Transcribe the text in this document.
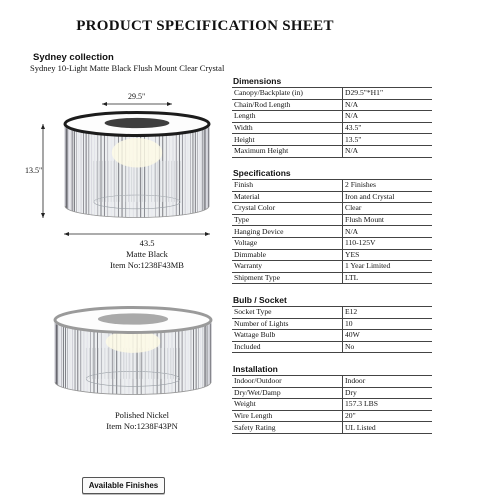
PRODUCT SPECIFICATION SHEET
Sydney collection
Sydney 10-Light Matte Black Flush Mount Clear Crystal
29.5"
13.5"
43.5
Matte Black
Item No:1238F43MB
Polished Nickel
Item No:1238F43PN
Dimensions
Canopy/Backplate (in)	D29.5"*H1"
Chain/Rod Length	N/A
Length	N/A
Width	43.5"
Height	13.5"
Maximum Height	N/A
Specifications
Finish	2 Finishes
Material	Iron and Crystal
Crystal Color	Clear
Type	Flush Mount
Hanging Device	N/A
Voltage	110-125V
Dimmable	YES
Warranty	1 Year Limited
Shipment Type	LTL
Bulb / Socket
Socket Type	E12
Number of Lights	10
Wattage Bulb	40W
Included	No
Installation
Indoor/Outdoor	Indoor
Dry/Wet/Damp	Dry
Weight	157.3 LBS
Wire Length	20"
Safety Rating	UL Listed
Available Finishes
